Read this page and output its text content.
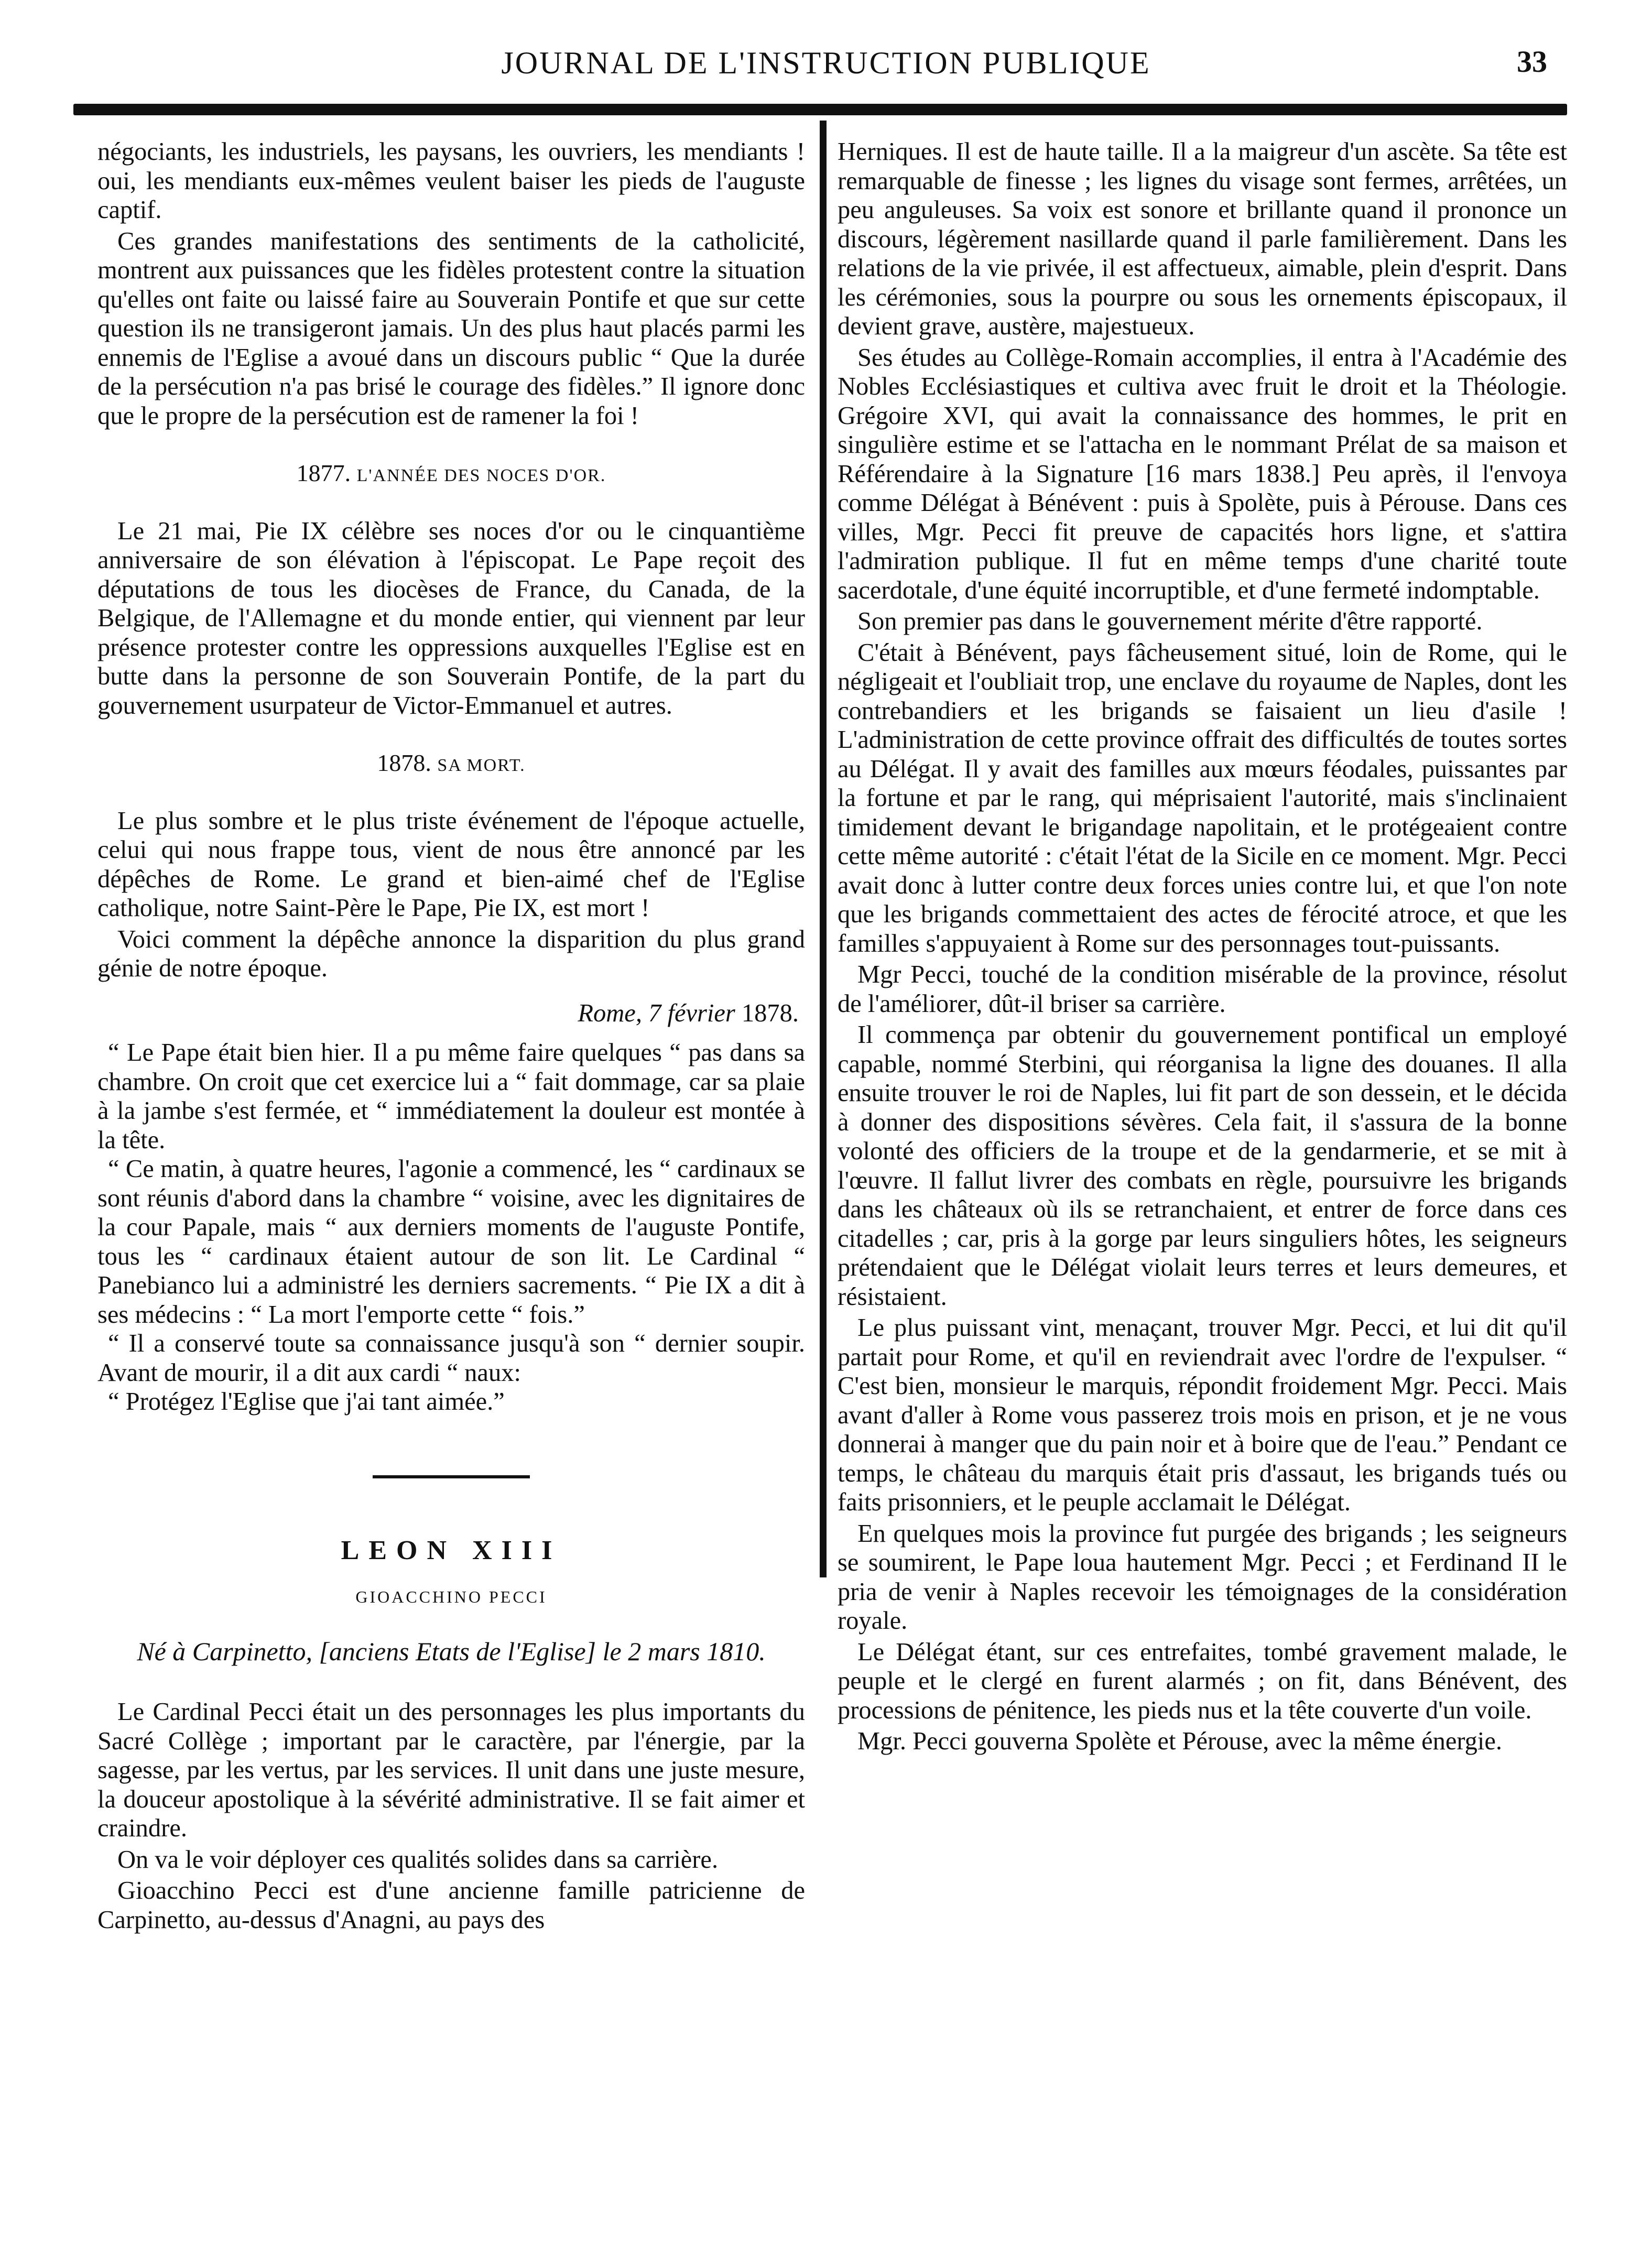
JOURNAL DE L'INSTRUCTION PUBLIQUE	33

négociants, les industriels, les paysans, les ouvriers, les mendiants ! oui, les mendiants eux-mêmes veulent baiser les pieds de l'auguste captif.

Ces grandes manifestations des sentiments de la catholicité, montrent aux puissances que les fidèles protestent contre la situation qu'elles ont faite ou laissé faire au Souverain Pontife et que sur cette question ils ne transigeront jamais. Un des plus haut placés parmi les ennemis de l'Eglise a avoué dans un discours public “ Que la durée de la persécution n'a pas brisé le courage des fidèles.” Il ignore donc que le propre de la persécution est de ramener la foi !

1877. L'ANNÉE DES NOCES D'OR.

Le 21 mai, Pie IX célèbre ses noces d'or ou le cinquantième anniversaire de son élévation à l'épiscopat. Le Pape reçoit des députations de tous les diocèses de France, du Canada, de la Belgique, de l'Allemagne et du monde entier, qui viennent par leur présence protester contre les oppressions auxquelles l'Eglise est en butte dans la personne de son Souverain Pontife, de la part du gouvernement usurpateur de Victor-Emmanuel et autres.

1878. SA MORT.

Le plus sombre et le plus triste événement de l'époque actuelle, celui qui nous frappe tous, vient de nous être annoncé par les dépêches de Rome. Le grand et bien-aimé chef de l'Eglise catholique, notre Saint-Père le Pape, Pie IX, est mort !

Voici comment la dépêche annonce la disparition du plus grand génie de notre époque.

Rome, 7 février 1878.

“ Le Pape était bien hier. Il a pu même faire quelques “ pas dans sa chambre. On croit que cet exercice lui a “ fait dommage, car sa plaie à la jambe s'est fermée, et “ immédiatement la douleur est montée à la tête.

“ Ce matin, à quatre heures, l'agonie a commencé, les “ cardinaux se sont réunis d'abord dans la chambre “ voisine, avec les dignitaires de la cour Papale, mais “ aux derniers moments de l'auguste Pontife, tous les “ cardinaux étaient autour de son lit. Le Cardinal “ Panebianco lui a administré les derniers sacrements. “ Pie IX a dit à ses médecins : “ La mort l'emporte cette “ fois.”

“ Il a conservé toute sa connaissance jusqu'à son “ dernier soupir. Avant de mourir, il a dit aux cardi “ naux:

“ Protégez l'Eglise que j'ai tant aimée.”

LEON XIII
GIOACCHINO PECCI
Né à Carpinetto, [anciens Etats de l'Eglise] le 2 mars 1810.

Le Cardinal Pecci était un des personnages les plus importants du Sacré Collège ; important par le caractère, par l'énergie, par la sagesse, par les vertus, par les services. Il unit dans une juste mesure, la douceur apostolique à la sévérité administrative. Il se fait aimer et craindre.

On va le voir déployer ces qualités solides dans sa carrière.

Gioacchino Pecci est d'une ancienne famille patricienne de Carpinetto, au-dessus d'Anagni, au pays des

Herniques. Il est de haute taille. Il a la maigreur d'un ascète. Sa tête est remarquable de finesse ; les lignes du visage sont fermes, arrêtées, un peu anguleuses. Sa voix est sonore et brillante quand il prononce un discours, légèrement nasillarde quand il parle familièrement. Dans les relations de la vie privée, il est affectueux, aimable, plein d'esprit. Dans les cérémonies, sous la pourpre ou sous les ornements épiscopaux, il devient grave, austère, majestueux.

Ses études au Collège-Romain accomplies, il entra à l'Académie des Nobles Ecclésiastiques et cultiva avec fruit le droit et la Théologie. Grégoire XVI, qui avait la connaissance des hommes, le prit en singulière estime et se l'attacha en le nommant Prélat de sa maison et Référendaire à la Signature [16 mars 1838.] Peu après, il l'envoya comme Délégat à Bénévent : puis à Spolète, puis à Pérouse. Dans ces villes, Mgr. Pecci fit preuve de capacités hors ligne, et s'attira l'admiration publique. Il fut en même temps d'une charité toute sacerdotale, d'une équité incorruptible, et d'une fermeté indomptable.

Son premier pas dans le gouvernement mérite d'être rapporté.

C'était à Bénévent, pays fâcheusement situé, loin de Rome, qui le négligeait et l'oubliait trop, une enclave du royaume de Naples, dont les contrebandiers et les brigands se faisaient un lieu d'asile ! L'administration de cette province offrait des difficultés de toutes sortes au Délégat. Il y avait des familles aux mœurs féodales, puissantes par la fortune et par le rang, qui méprisaient l'autorité, mais s'inclinaient timidement devant le brigandage napolitain, et le protégeaient contre cette même autorité : c'était l'état de la Sicile en ce moment. Mgr. Pecci avait donc à lutter contre deux forces unies contre lui, et que l'on note que les brigands commettaient des actes de férocité atroce, et que les familles s'appuyaient à Rome sur des personnages tout-puissants.

Mgr Pecci, touché de la condition misérable de la province, résolut de l'améliorer, dût-il briser sa carrière.

Il commença par obtenir du gouvernement pontifical un employé capable, nommé Sterbini, qui réorganisa la ligne des douanes. Il alla ensuite trouver le roi de Naples, lui fit part de son dessein, et le décida à donner des dispositions sévères. Cela fait, il s'assura de la bonne volonté des officiers de la troupe et de la gendarmerie, et se mit à l'œuvre. Il fallut livrer des combats en règle, poursuivre les brigands dans les châteaux où ils se retranchaient, et entrer de force dans ces citadelles ; car, pris à la gorge par leurs singuliers hôtes, les seigneurs prétendaient que le Délégat violait leurs terres et leurs demeures, et résistaient.

Le plus puissant vint, menaçant, trouver Mgr. Pecci, et lui dit qu'il partait pour Rome, et qu'il en reviendrait avec l'ordre de l'expulser. “ C'est bien, monsieur le marquis, répondit froidement Mgr. Pecci. Mais avant d'aller à Rome vous passerez trois mois en prison, et je ne vous donnerai à manger que du pain noir et à boire que de l'eau.” Pendant ce temps, le château du marquis était pris d'assaut, les brigands tués ou faits prisonniers, et le peuple acclamait le Délégat.

En quelques mois la province fut purgée des brigands ; les seigneurs se soumirent, le Pape loua hautement Mgr. Pecci ; et Ferdinand II le pria de venir à Naples recevoir les témoignages de la considération royale.

Le Délégat étant, sur ces entrefaites, tombé gravement malade, le peuple et le clergé en furent alarmés ; on fit, dans Bénévent, des processions de pénitence, les pieds nus et la tête couverte d'un voile.

Mgr. Pecci gouverna Spolète et Pérouse, avec la même énergie.
